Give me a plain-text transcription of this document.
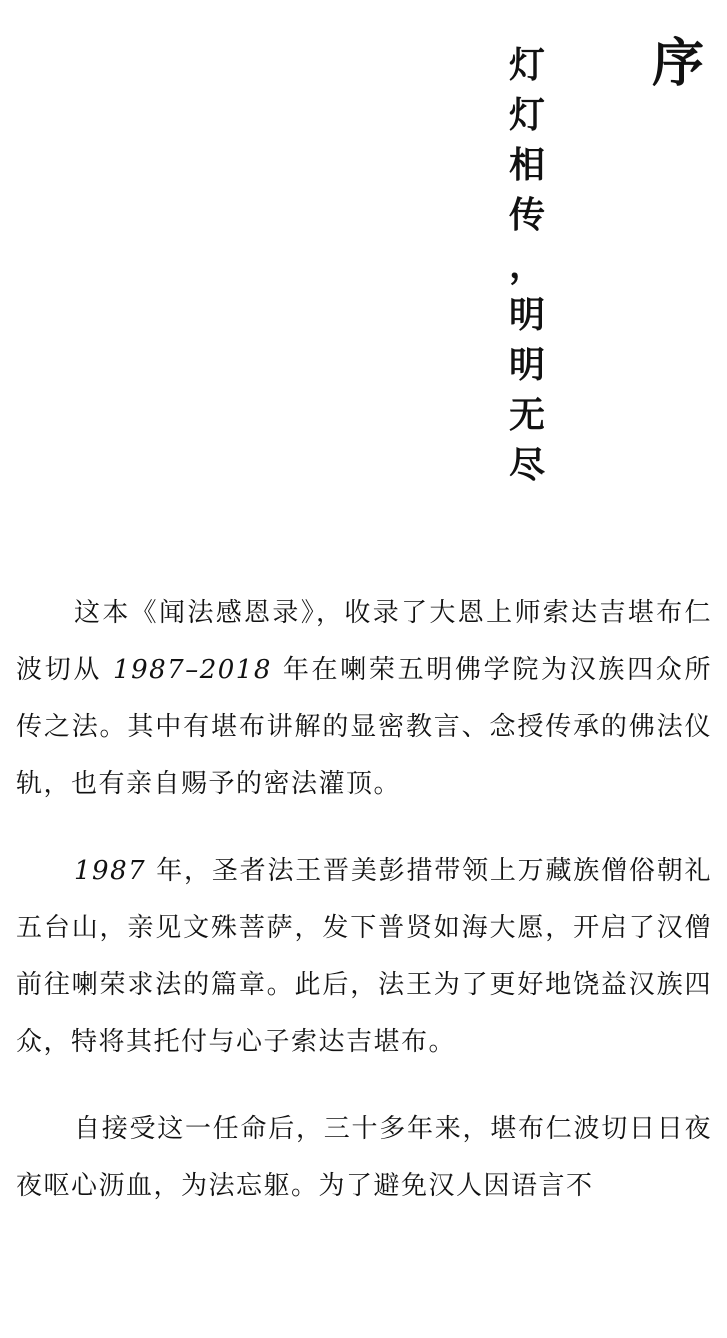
序
灯
灯
相
传
，
明
明
无
尽

这本《闻法感恩录》，收录了大恩上师索达吉堪布仁波切从 1987–2018 年在喇荣五明佛学院为汉族四众所传之法。其中有堪布讲解的显密教言、念授传承的佛法仪轨，也有亲自赐予的密法灌顶。

1987 年，圣者法王晋美彭措带领上万藏族僧俗朝礼五台山，亲见文殊菩萨，发下普贤如海大愿，开启了汉僧前往喇荣求法的篇章。此后，法王为了更好地饶益汉族四众，特将其托付与心子索达吉堪布。

自接受这一任命后，三十多年来，堪布仁波切日日夜夜呕心沥血，为法忘躯。为了避免汉人因语言不
